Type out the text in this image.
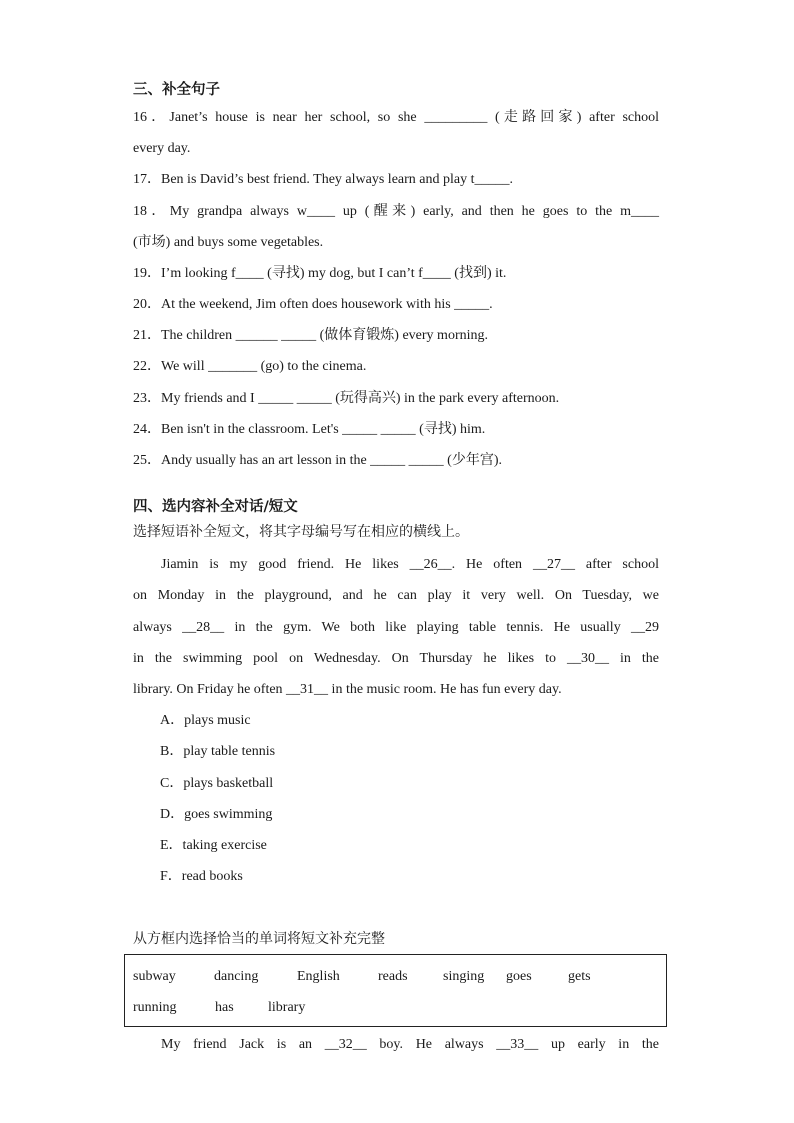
三、补全句子
16．Janet’s house is near her school, so she _________ (走路回家) after school
every day.
17．Ben is David’s best friend. They always learn and play t_____.
18．My grandpa always w____ up (醒来) early, and then he goes to the m____
(市场) and buys some vegetables.
19．I’m looking f____ (寻找) my dog, but I can’t f____ (找到) it.
20．At the weekend, Jim often does housework with his _____.
21．The children ______ _____ (做体育锻炼) every morning.
22．We will _______ (go) to the cinema.
23．My friends and I _____ _____ (玩得高兴) in the park every afternoon.
24．Ben isn't in the classroom. Let's _____ _____ (寻找) him.
25．Andy usually has an art lesson in the _____ _____ (少年宫).
四、选内容补全对话/短文
选择短语补全短文，将其字母编号写在相应的横线上。
Jiamin is my good friend. He likes __26__. He often __27__ after school
on Monday in the playground, and he can play it very well. On Tuesday, we
always __28__ in the gym. We both like playing table tennis. He usually __29
in the swimming pool on Wednesday. On Thursday he likes to __30__ in the
library. On Friday he often __31__ in the music room. He has fun every day.
A．plays music
B．play table tennis
C．plays basketball
D．goes swimming
E．taking exercise
F．read books
从方框内选择恰当的单词将短文补充完整
subway	dancing	English	reads	singing goes	gets
running	has library
My friend Jack is an __32__ boy. He always __33__ up early in the
